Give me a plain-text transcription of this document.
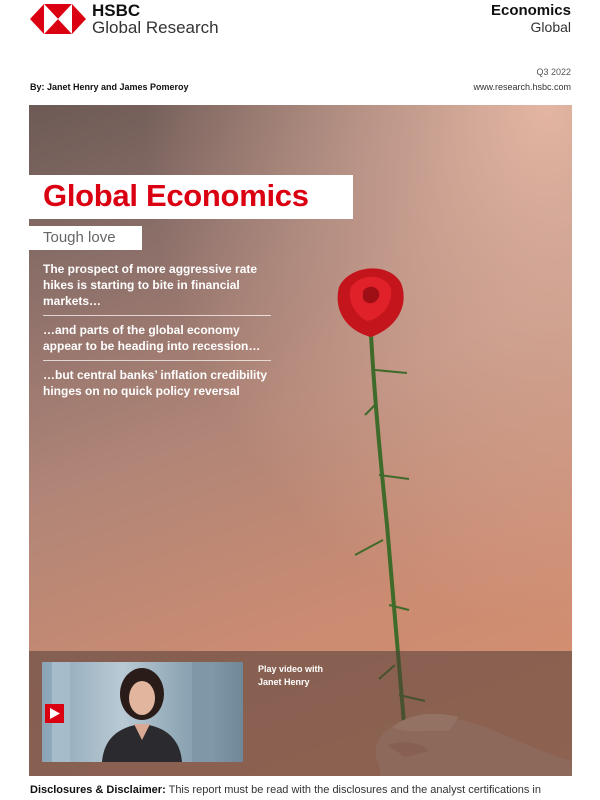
HSBC
Global Research
Economics
Global
Q3 2022
By: Janet Henry and James Pomeroy	www.research.hsbc.com
Global Economics
Tough love
The prospect of more aggressive rate hikes is starting to bite in financial markets…
…and parts of the global economy appear to be heading into recession…
…but central banks’ inflation credibility hinges on no quick policy reversal
Play video with
Janet Henry
Disclosures & Disclaimer: This report must be read with the disclosures and the analyst certifications in
